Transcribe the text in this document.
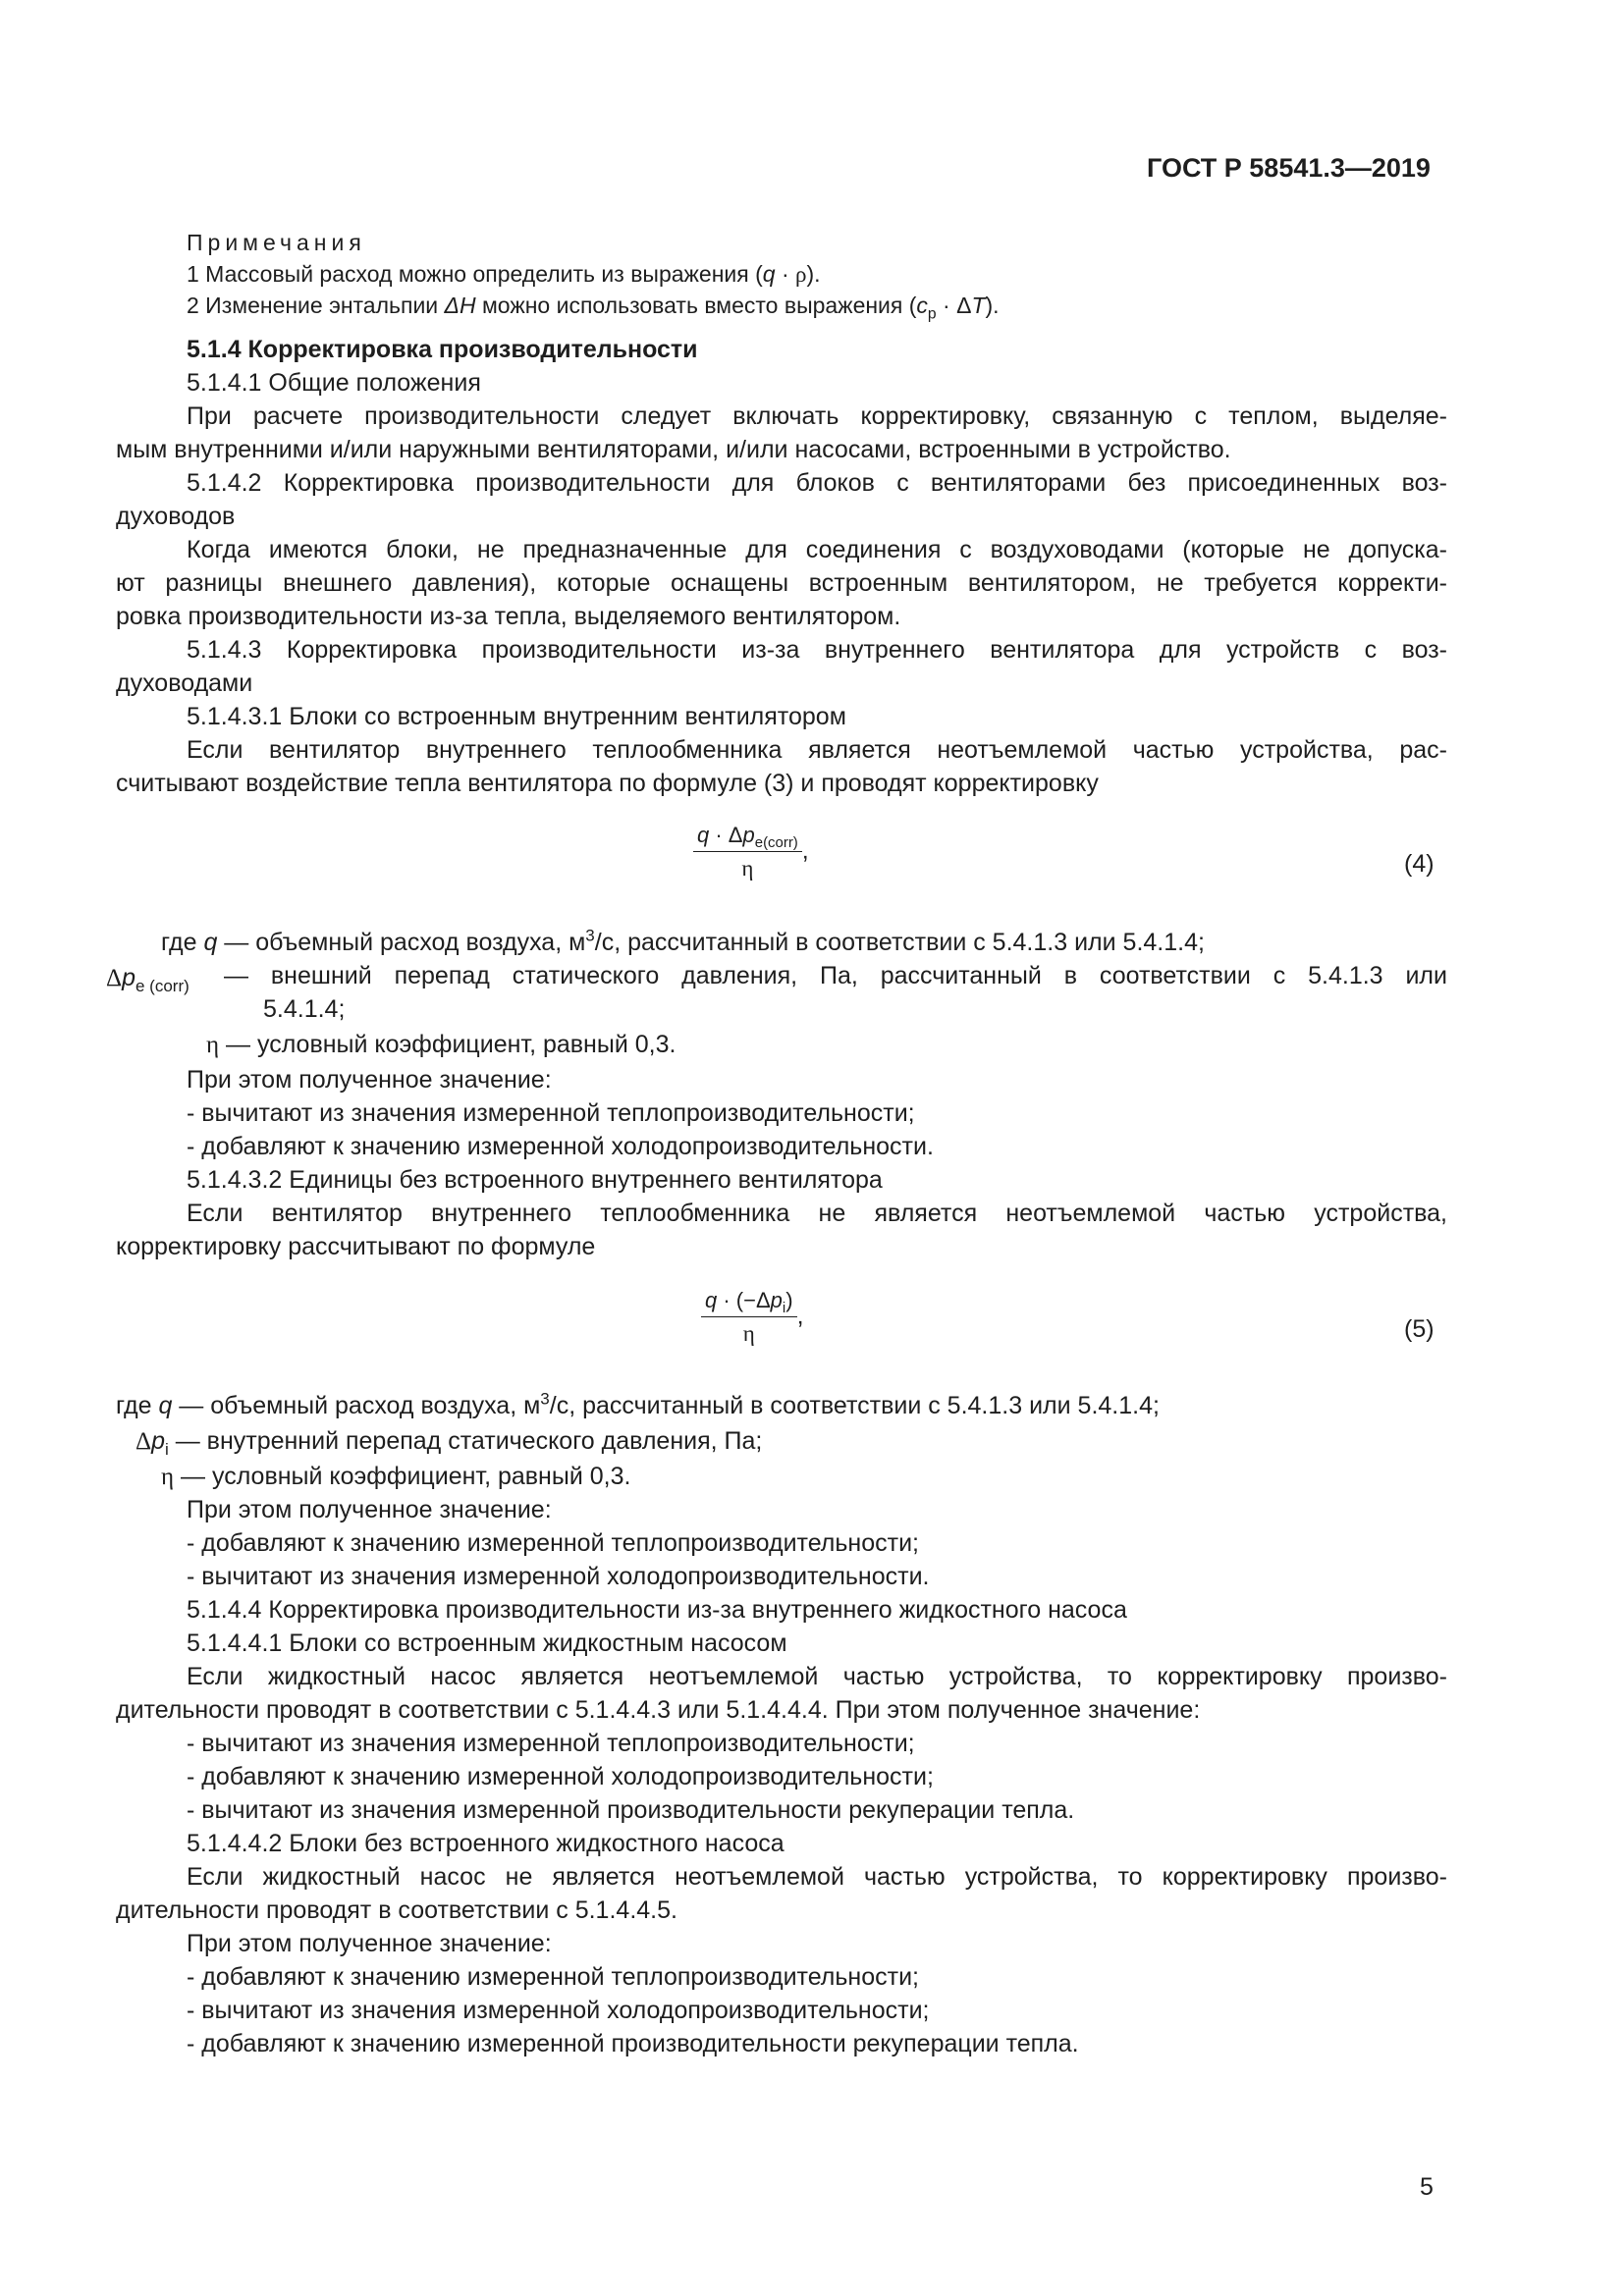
ГОСТ Р 58541.3—2019
Примечания
1 Массовый расход можно определить из выражения (q · ρ).
2 Изменение энтальпии ΔH можно использовать вместо выражения $(c_p \cdot \Delta T)$.
5.1.4 Корректировка производительности
5.1.4.1 Общие положения
При расчете производительности следует включать корректировку, связанную с теплом, выделяе-
мым внутренними и/или наружными вентиляторами, и/или насосами, встроенными в устройство.
5.1.4.2 Корректировка производительности для блоков с вентиляторами без присоединенных воз-
духоводов
Когда имеются блоки, не предназначенные для соединения с воздуховодами (которые не допуска-
ют разницы внешнего давления), которые оснащены встроенным вентилятором, не требуется корректи-
ровка производительности из-за тепла, выделяемого вентилятором.
5.1.4.3 Корректировка производительности из-за внутреннего вентилятора для устройств с воз-
духоводами
5.1.4.3.1 Блоки со встроенным внутренним вентилятором
Если вентилятор внутреннего теплообменника является неотъемлемой частью устройства, рас-
считывают воздействие тепла вентилятора по формуле (3) и проводят корректировку
$\frac{q \cdot \Delta p_{e(corr)}}{\eta}$ ,	(4)
где q — объемный расход воздуха, $м^3/с$, рассчитанный в соответствии с 5.4.1.3 или 5.4.1.4;
$\Delta p_{e (corr)}$ — внешний перепад статического давления, Па, рассчитанный в соответствии с 5.4.1.3 или
5.4.1.4;
η — условный коэффициент, равный 0,3.
При этом полученное значение:
- вычитают из значения измеренной теплопроизводительности;
- добавляют к значению измеренной холодопроизводительности.
5.1.4.3.2 Единицы без встроенного внутреннего вентилятора
Если вентилятор внутреннего теплообменника не является неотъемлемой частью устройства,
корректировку рассчитывают по формуле
$\frac{q \cdot (-\Delta p_i)}{\eta}$ ,	(5)
где q — объемный расход воздуха, $м^3/с$, рассчитанный в соответствии с 5.4.1.3 или 5.4.1.4;
$\Delta p_i$ — внутренний перепад статического давления, Па;
η — условный коэффициент, равный 0,3.
При этом полученное значение:
- добавляют к значению измеренной теплопроизводительности;
- вычитают из значения измеренной холодопроизводительности.
5.1.4.4 Корректировка производительности из-за внутреннего жидкостного насоса
5.1.4.4.1 Блоки со встроенным жидкостным насосом
Если жидкостный насос является неотъемлемой частью устройства, то корректировку произво-
дительности проводят в соответствии с 5.1.4.4.3 или 5.1.4.4.4. При этом полученное значение:
- вычитают из значения измеренной теплопроизводительности;
- добавляют к значению измеренной холодопроизводительности;
- вычитают из значения измеренной производительности рекуперации тепла.
5.1.4.4.2 Блоки без встроенного жидкостного насоса
Если жидкостный насос не является неотъемлемой частью устройства, то корректировку произво-
дительности проводят в соответствии с 5.1.4.4.5.
При этом полученное значение:
- добавляют к значению измеренной теплопроизводительности;
- вычитают из значения измеренной холодопроизводительности;
- добавляют к значению измеренной производительности рекуперации тепла.
5
